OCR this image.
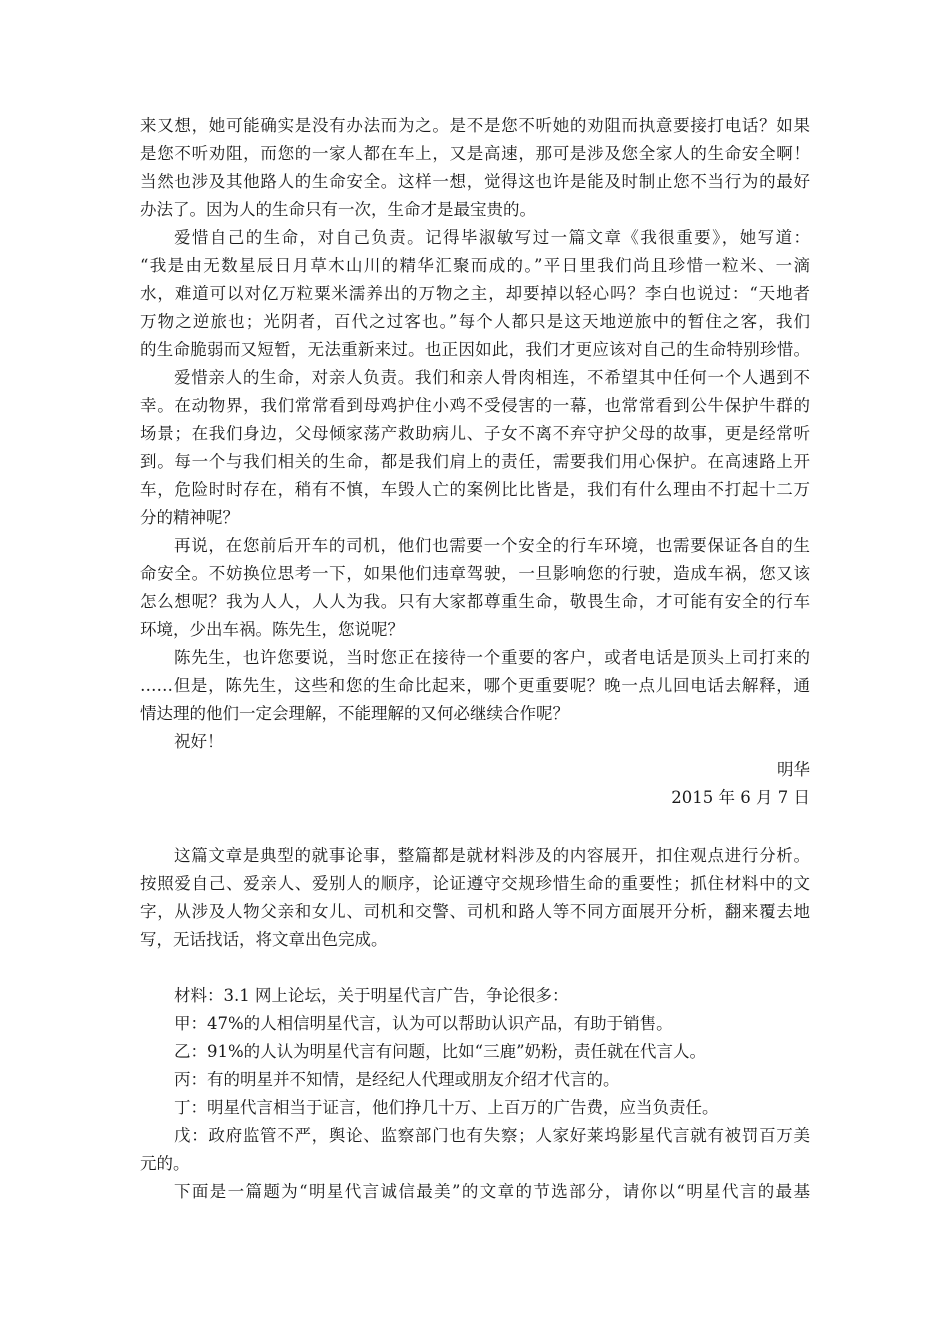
来又想，她可能确实是没有办法而为之。是不是您不听她的劝阻而执意要接打电话？如果
是您不听劝阻，而您的一家人都在车上，又是高速，那可是涉及您全家人的生命安全啊！
当然也涉及其他路人的生命安全。这样一想，觉得这也许是能及时制止您不当行为的最好
办法了。因为人的生命只有一次，生命才是最宝贵的。
爱惜自己的生命，对自己负责。记得毕淑敏写过一篇文章《我很重要》，她写道：
“我是由无数星辰日月草木山川的精华汇聚而成的。”平日里我们尚且珍惜一粒米、一滴
水，难道可以对亿万粒粟米濡养出的万物之主，却要掉以轻心吗？李白也说过：“天地者
万物之逆旅也；光阴者，百代之过客也。”每个人都只是这天地逆旅中的暂住之客，我们
的生命脆弱而又短暂，无法重新来过。也正因如此，我们才更应该对自己的生命特别珍惜。
爱惜亲人的生命，对亲人负责。我们和亲人骨肉相连，不希望其中任何一个人遇到不
幸。在动物界，我们常常看到母鸡护住小鸡不受侵害的一幕，也常常看到公牛保护牛群的
场景；在我们身边，父母倾家荡产救助病儿、子女不离不弃守护父母的故事，更是经常听
到。每一个与我们相关的生命，都是我们肩上的责任，需要我们用心保护。在高速路上开
车，危险时时存在，稍有不慎，车毁人亡的案例比比皆是，我们有什么理由不打起十二万
分的精神呢？
再说，在您前后开车的司机，他们也需要一个安全的行车环境，也需要保证各自的生
命安全。不妨换位思考一下，如果他们违章驾驶，一旦影响您的行驶，造成车祸，您又该
怎么想呢？我为人人，人人为我。只有大家都尊重生命，敬畏生命，才可能有安全的行车
环境，少出车祸。陈先生，您说呢？
陈先生，也许您要说，当时您正在接待一个重要的客户，或者电话是顶头上司打来的
……但是，陈先生，这些和您的生命比起来，哪个更重要呢？晚一点儿回电话去解释，通
情达理的他们一定会理解，不能理解的又何必继续合作呢？
祝好！
明华
2015 年 6 月 7 日
这篇文章是典型的就事论事，整篇都是就材料涉及的内容展开，扣住观点进行分析。
按照爱自己、爱亲人、爱别人的顺序，论证遵守交规珍惜生命的重要性；抓住材料中的文
字，从涉及人物父亲和女儿、司机和交警、司机和路人等不同方面展开分析，翻来覆去地
写，无话找话，将文章出色完成。
材料：3.1 网上论坛，关于明星代言广告，争论很多：
甲：47%的人相信明星代言，认为可以帮助认识产品，有助于销售。
乙：91%的人认为明星代言有问题，比如“三鹿”奶粉，责任就在代言人。
丙：有的明星并不知情，是经纪人代理或朋友介绍才代言的。
丁：明星代言相当于证言，他们挣几十万、上百万的广告费，应当负责任。
戊：政府监管不严，舆论、监察部门也有失察；人家好莱坞影星代言就有被罚百万美
元的。
下面是一篇题为“明星代言诚信最美”的文章的节选部分，请你以“明星代言的最基
